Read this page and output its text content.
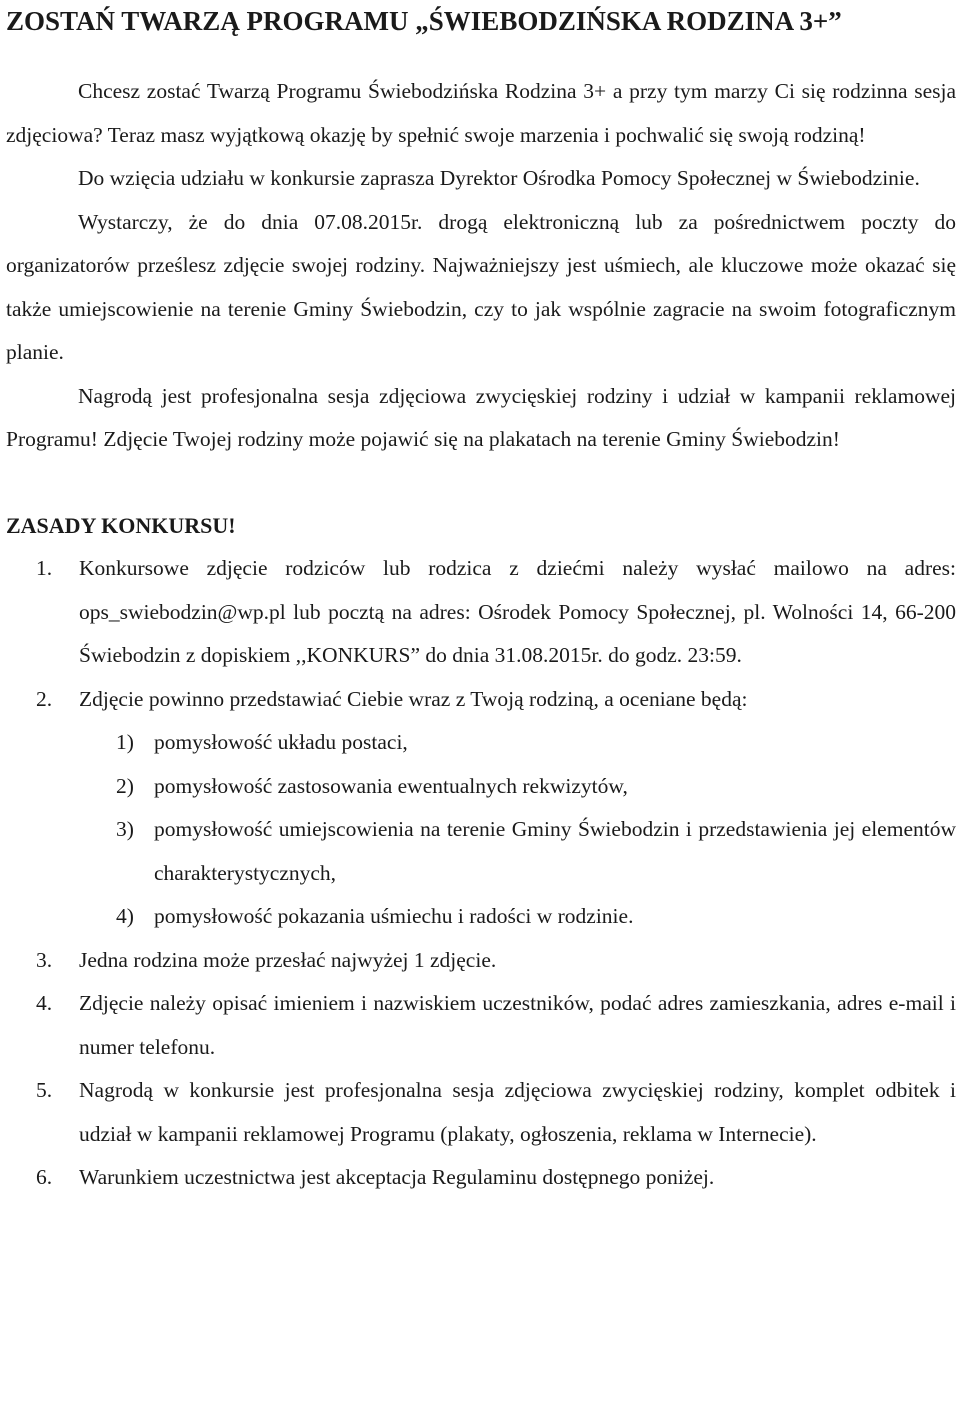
ZOSTAŃ TWARZĄ PROGRAMU „ŚWIEBODZIŃSKA RODZINA 3+”

Chcesz zostać Twarzą Programu Świebodzińska Rodzina 3+ a przy tym marzy Ci się rodzinna sesja zdjęciowa? Teraz masz wyjątkową okazję by spełnić swoje marzenia i pochwalić się swoją rodziną!

Do wzięcia udziału w konkursie zaprasza Dyrektor Ośrodka Pomocy Społecznej w Świebodzinie.

Wystarczy, że do dnia 07.08.2015r. drogą elektroniczną lub za pośrednictwem poczty do organizatorów prześlesz zdjęcie swojej rodziny. Najważniejszy jest uśmiech, ale kluczowe może okazać się także umiejscowienie na terenie Gminy Świebodzin, czy to jak wspólnie zagracie na swoim fotograficznym planie.

Nagrodą jest profesjonalna sesja zdjęciowa zwycięskiej rodziny i udział w kampanii reklamowej Programu! Zdjęcie Twojej rodziny może pojawić się na plakatach na terenie Gminy Świebodzin!

ZASADY KONKURSU!
1.	Konkursowe zdjęcie rodziców lub rodzica z dziećmi należy wysłać mailowo na adres: ops_swiebodzin@wp.pl lub pocztą na adres: Ośrodek Pomocy Społecznej, pl. Wolności 14, 66-200 Świebodzin z dopiskiem ,,KONKURS” do dnia 31.08.2015r. do godz. 23:59.
2.	Zdjęcie powinno przedstawiać Ciebie wraz z Twoją rodziną, a oceniane będą:
1) pomysłowość układu postaci,
2) pomysłowość zastosowania ewentualnych rekwizytów,
3) pomysłowość umiejscowienia na terenie Gminy Świebodzin i przedstawienia jej elementów charakterystycznych,
4) pomysłowość pokazania uśmiechu i radości w rodzinie.
3.	Jedna rodzina może przesłać najwyżej 1 zdjęcie.
4.	Zdjęcie należy opisać imieniem i nazwiskiem uczestników, podać adres zamieszkania, adres e-mail i numer telefonu.
5.	Nagrodą w konkursie jest profesjonalna sesja zdjęciowa zwycięskiej rodziny, komplet odbitek i udział w kampanii reklamowej Programu (plakaty, ogłoszenia, reklama w Internecie).
6.	Warunkiem uczestnictwa jest akceptacja Regulaminu dostępnego poniżej.
